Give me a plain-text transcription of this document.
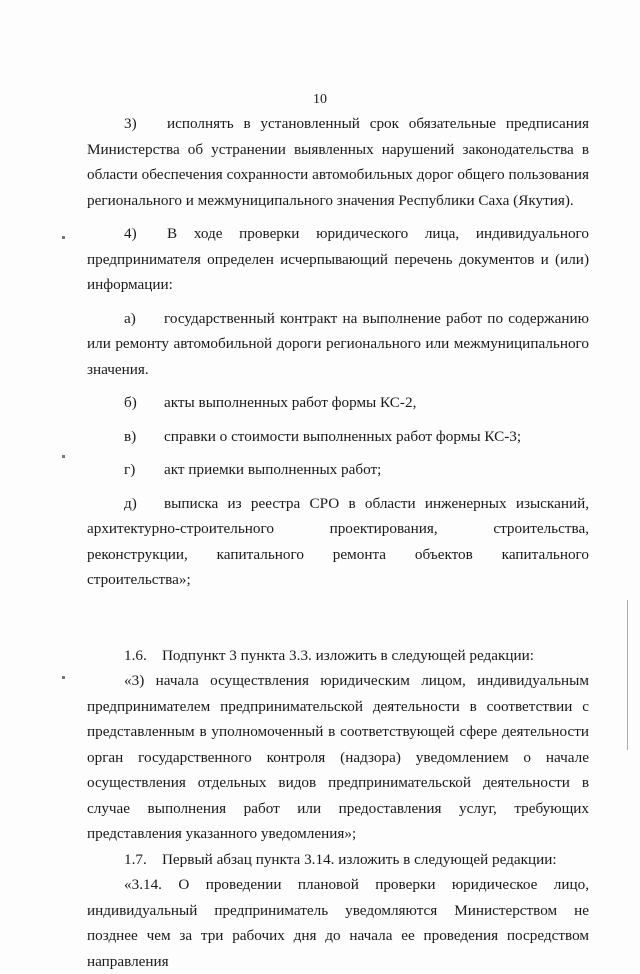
10

3)  исполнять в установленный срок обязательные предписания

Министерства об устранении выявленных нарушений законодательства в области обеспечения сохранности автомобильных дорог общего пользования регионального и межмуниципального значения Республики Саха (Якутия).

4)  В ходе проверки юридического лица, индивидуального

предпринимателя определен исчерпывающий перечень документов и (или) информации:

а)	государственный контракт на выполнение работ по содержанию

или ремонту автомобильной дороги регионального или межмуниципального значения.

б)	акты выполненных работ формы КС-2,
в)	справки о стоимости выполненных работ формы КС-3;
г)	акт приемки выполненных работ;
д)	выписка из реестра СРО в области инженерных изысканий,

архитектурно-строительного проектирования, строительства, реконструкции, капитального ремонта объектов капитального строительства»;

1.6. Подпункт 3 пункта 3.3. изложить в следующей редакции:

«3) начала осуществления юридическим лицом, индивидуальным

предпринимателем предпринимательской деятельности в соответствии с представленным в уполномоченный в соответствующей сфере деятельности орган государственного контроля (надзора) уведомлением о начале осуществления отдельных видов предпринимательской деятельности в случае выполнения работ или предоставления услуг, требующих представления указанного уведомления»;

1.7. Первый абзац пункта 3.14. изложить в следующей редакции:

«3.14. О проведении плановой проверки юридическое лицо,

индивидуальный предприниматель уведомляются Министерством не позднее чем за три рабочих дня до начала ее проведения посредством направления
